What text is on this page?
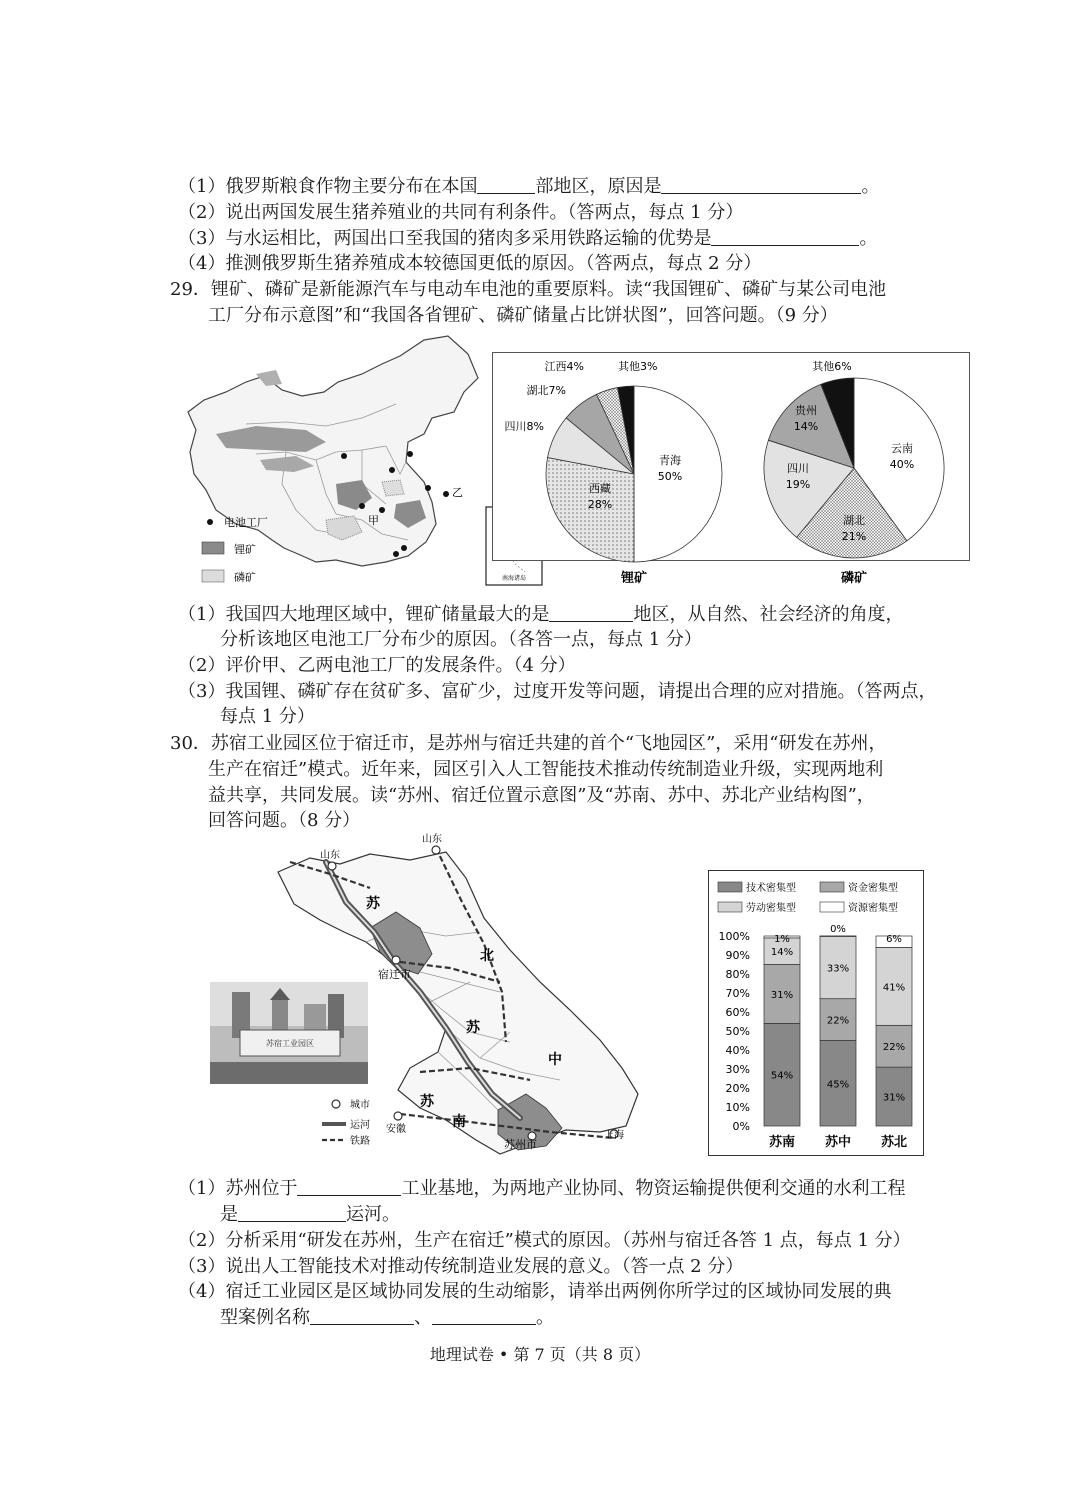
（1）俄罗斯粮食作物主要分布在本国	部地区，原因是	。
（2）说出两国发展生猪养殖业的共同有利条件。（答两点，每点 1 分）
（3）与水运相比，两国出口至我国的猪肉多采用铁路运输的优势是	。
（4）推测俄罗斯生猪养殖成本较德国更低的原因。（答两点，每点 2 分）
29．锂矿、磷矿是新能源汽车与电动车电池的重要原料。读“我国锂矿、磷矿与某公司电池
工厂分布示意图”和“我国各省锂矿、磷矿储量占比饼状图”，回答问题。（9 分）
甲
乙
电池工厂
锂矿
磷矿	南海诸岛
青海
50%
西藏
28%
四川8%
湖北7%
江西4%	其他3%
云南
40%
湖北
21%
四川
19%
贵州
14%
其他6%
锂矿	磷矿
（1）我国四大地理区域中，锂矿储量最大的是	地区，从自然、社会经济的角度，
分析该地区电池工厂分布少的原因。（各答一点，每点 1 分）
（2）评价甲、乙两电池工厂的发展条件。（4 分）
（3）我国锂、磷矿存在贫矿多、富矿少，过度开发等问题，请提出合理的应对措施。（答两点，
每点 1 分）
30．苏宿工业园区位于宿迁市，是苏州与宿迁共建的首个“飞地园区”，采用“研发在苏州，
生产在宿迁”模式。近年来，园区引入人工智能技术推动传统制造业升级，实现两地利
益共享，共同发展。读“苏州、宿迁位置示意图”及“苏南、苏中、苏北产业结构图”，
回答问题。（8 分）
山东
山东
宿迁市
苏州市
安徽
上海
苏
北
苏
中
苏
南
城市
运河
铁路
苏宿工业园区
技术密集型	资金密集型
劳动密集型	资源密集型
0%
10%
20%
30%
40%
50%
60%
70%
80%
90%
100%
54%
31%
14%
1%
苏南
45%
22%
33%
0%
苏中
31%
22%
41%
6%
苏北
（1）苏州位于	工业基地，为两地产业协同、物资运输提供便利交通的水利工程
是	运河。
（2）分析采用“研发在苏州，生产在宿迁”模式的原因。（苏州与宿迁各答 1 点，每点 1 分）
（3）说出人工智能技术对推动传统制造业发展的意义。（答一点 2 分）
（4）宿迁工业园区是区域协同发展的生动缩影，请举出两例你所学过的区域协同发展的典
型案例名称	、	。
地理试卷 • 第 7 页（共 8 页）
